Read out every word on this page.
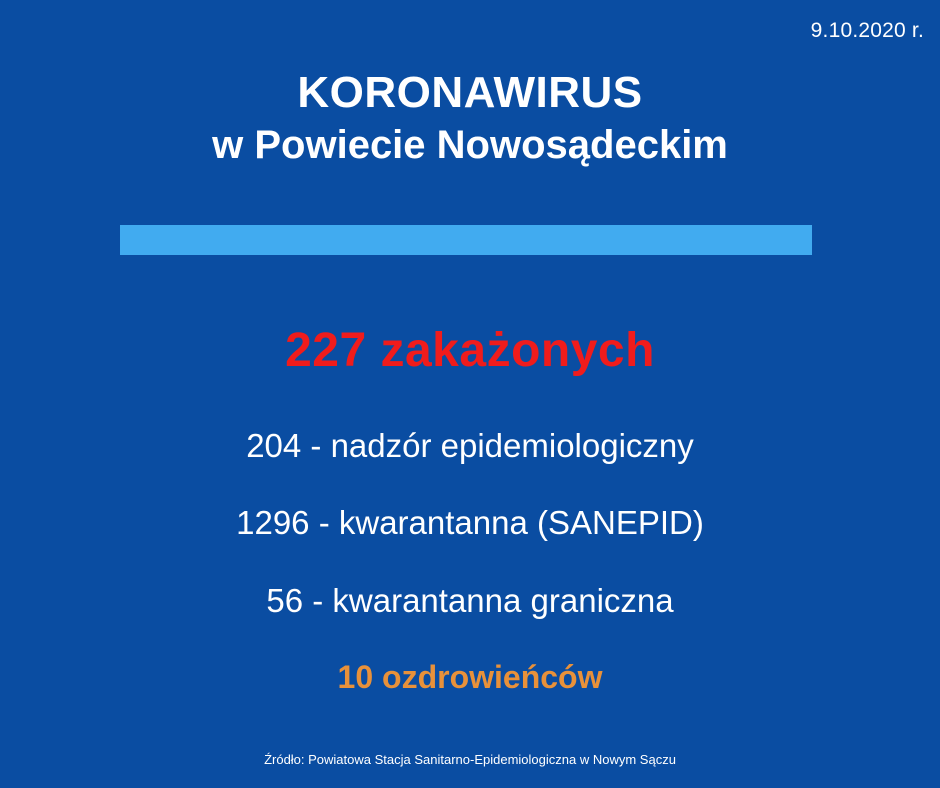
9.10.2020 r.
KORONAWIRUS
w Powiecie Nowosądeckim
227 zakażonych
204 - nadzór epidemiologiczny
1296 - kwarantanna (SANEPID)
56 - kwarantanna graniczna
10 ozdrowieńców
Źródło: Powiatowa Stacja Sanitarno-Epidemiologiczna w Nowym Sączu
